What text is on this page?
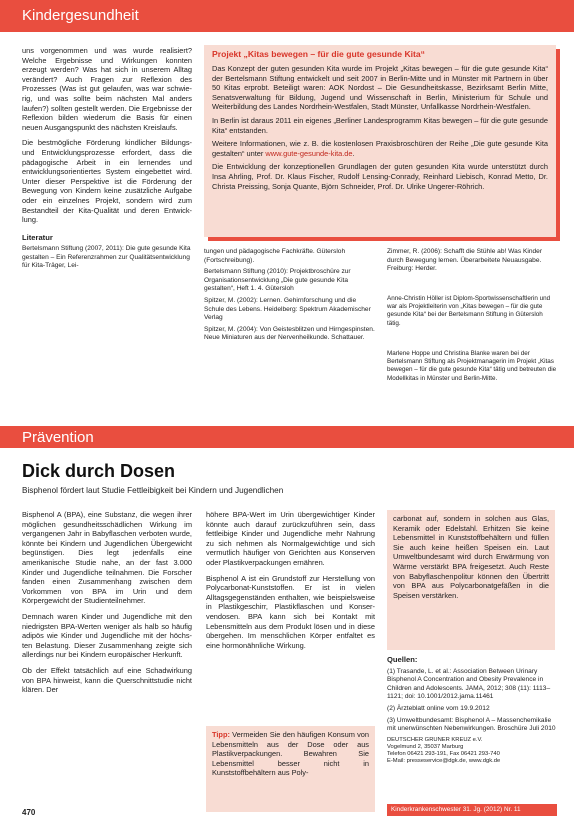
Kindergesundheit

uns vorgenommen und was wurde realisiert? Welche Ergebnisse und Wirkungen konnten erzeugt werden? Was hat sich in unserem Alltag verändert? Auch Fragen zur Reflexion des Prozesses (Was ist gut gelaufen, was war schwierig, und was sollte beim nächsten Mal anders laufen?) sollten gestellt werden. Die Ergebnisse der Reflexion bilden wiederum die Basis für einen neuen Ausgangspunkt des nächsten Kreislaufs.

Die bestmögliche Förderung kindlicher Bildungs- und Entwicklungsprozesse erfordert, dass die pädagogische Arbeit in ein lernendes und entwicklungsorientiertes System eingebettet wird. Unter dieser Perspektive ist die Förderung der Bewegung von Kindern keine zusätzliche Aufgabe oder ein einzelnes Projekt, sondern wird zum Bestandteil der Kita-Qualität und deren Entwicklung.

Literatur
Bertelsmann Stiftung (2007, 2011): Die gute gesunde Kita gestalten – Ein Referenzrahmen zur Qualitätsentwicklung für Kita-Träger, Lei-
Projekt „Kitas bewegen – für die gute gesunde Kita“

Das Konzept der guten gesunden Kita wurde im Projekt „Kitas bewegen – für die gute gesunde Kita“ der Bertelsmann Stiftung entwickelt und seit 2007 in Berlin-Mitte und in Münster mit Partnern in über 50 Kitas erprobt. Beteiligt waren: AOK Nordost – Die Gesundheitskasse, Bezirksamt Berlin Mitte, Senatsverwaltung für Bildung, Jugend und Wissenschaft in Berlin, Ministerium für Schule und Weiterbildung des Landes Nordrhein-Westfalen, Stadt Münster, Unfallkasse Nordrhein-Westfalen.

In Berlin ist daraus 2011 ein eigenes „Berliner Landesprogramm Kitas bewegen – für die gute gesunde Kita“ entstanden.

Weitere Informationen, wie z. B. die kostenlosen Praxisbroschüren der Reihe „Die gute gesunde Kita gestalten“ unter www.gute-gesunde-kita.de.

Die Entwicklung der konzeptionellen Grundlagen der guten gesunden Kita wurde unterstützt durch Insa Ahrling, Prof. Dr. Klaus Fischer, Rudolf Lensing-Conrady, Reinhard Liebisch, Konrad Metto, Dr. Christa Preissing, Sonja Quante, Björn Schneider, Prof. Dr. Ulrike Ungerer-Röhrich.

tungen und pädagogische Fachkräfte. Gütersloh (Fortschreibung).
Bertelsmann Stiftung (2010): Projektbroschüre zur Organisationsentwicklung „Die gute gesunde Kita gestalten“, Heft 1. 4. Gütersloh
Spitzer, M. (2002): Lernen. Gehirnforschung und die Schule des Lebens. Heidelberg: Spektrum Akademischer Verlag
Spitzer, M. (2004): Von Geistesblitzen und Hirngespinsten. Neue Miniaturen aus der Nervenheilkunde. Schattauer.
Zimmer, R. (2006): Schafft die Stühle ab! Was Kinder durch Bewegung lernen. Überarbeitete Neuausgabe. Freiburg: Herder.
Anne-Christin Höller ist Diplom-Sportwissenschaftlerin und war als Projektleiterin von „Kitas bewegen – für die gute gesunde Kita“ bei der Bertelsmann Stiftung in Gütersloh tätig.
Marlene Hoppe und Christina Blanke waren bei der Bertelsmann Stiftung als Projektmanagerin im Projekt „Kitas bewegen – für die gute gesunde Kita“ tätig und betreuten die Modellkitas in Münster und Berlin-Mitte.
Prävention
Dick durch Dosen
Bisphenol fördert laut Studie Fettleibigkeit bei Kindern und Jugendlichen

Bisphenol A (BPA), eine Substanz, die wegen ihrer möglichen gesundheitsschädlichen Wirkung im vergangenen Jahr in Babyflaschen verboten wurde, könnte bei Kindern und Jugendlichen Übergewicht begünstigen. Dies legt jedenfalls eine amerikanische Studie nahe, an der fast 3.000 Kinder und Jugendliche teilnahmen. Die Forscher fanden einen Zusammenhang zwischen dem Vorkommen von BPA im Urin und dem Körpergewicht der Studienteilnehmer.

Demnach waren Kinder und Jugendliche mit den niedrigsten BPA-Werten weniger als halb so häufig adipös wie Kinder und Jugendliche mit der höchsten Belastung. Dieser Zusammenhang zeigte sich allerdings nur bei Kindern europäischer Herkunft.

Ob der Effekt tatsächlich auf eine Schadwirkung von BPA hinweist, kann die Querschnittstudie nicht klären. Der

höhere BPA-Wert im Urin übergewichtiger Kinder könnte auch darauf zurückzuführen sein, dass fettleibige Kinder und Jugendliche mehr Nahrung zu sich nehmen als Normalgewichtige und sich vermutlich häufiger von Gerichten aus Konserven oder Plastikverpackungen ernähren.

Bisphenol A ist ein Grundstoff zur Herstellung von Polycarbonat-Kunststoffen. Er ist in vielen Alltagsgegenständen enthalten, wie beispielsweise in Plastikgeschirr, Plastikflaschen und Konservendosen. BPA kann sich bei Kontakt mit Lebensmitteln aus dem Produkt lösen und in diese übergehen. Im menschlichen Körper entfaltet es eine hormonähnliche Wirkung.

Tipp: Vermeiden Sie den häufigen Konsum von Lebensmitteln aus der Dose oder aus Plastikverpackungen. Bewahren Sie Lebensmittel besser nicht in Kunststoffbehältern aus Poly-
carbonat auf, sondern in solchen aus Glas, Keramik oder Edelstahl. Erhitzen Sie keine Lebensmittel in Kunststoffbehältern und füllen Sie auch keine heißen Speisen ein. Laut Umweltbundesamt wird durch Erwärmung von Wärme verstärkt BPA freigesetzt. Auch Reste von Babyflaschenpolitur können den Übertritt von BPA aus Polycarbonatgefäßen in die Speisen verstärken.
Quellen:
(1) Trasande, L. et al.: Association Between Urinary Bisphenol A Concentration and Obesity Prevalence in Children and Adolescents. JAMA, 2012; 308 (11): 1113–1121; doi: 10.1001/2012.jama.11461
(2) Ärzteblatt online vom 19.9.2012
(3) Umweltbundesamt: Bisphenol A – Massenchemikalie mit unerwünschten Nebenwirkungen. Broschüre Juli 2010
DEUTSCHER GRÜNER KREUZ e.V.
Vogelmund 2, 35037 Marburg
Telefon 06421 293-191, Fax 06421 293-740
E-Mail: presseservice@dgk.de, www.dgk.de
470	Kinderkrankenschwester 31. Jg. (2012) Nr. 11
